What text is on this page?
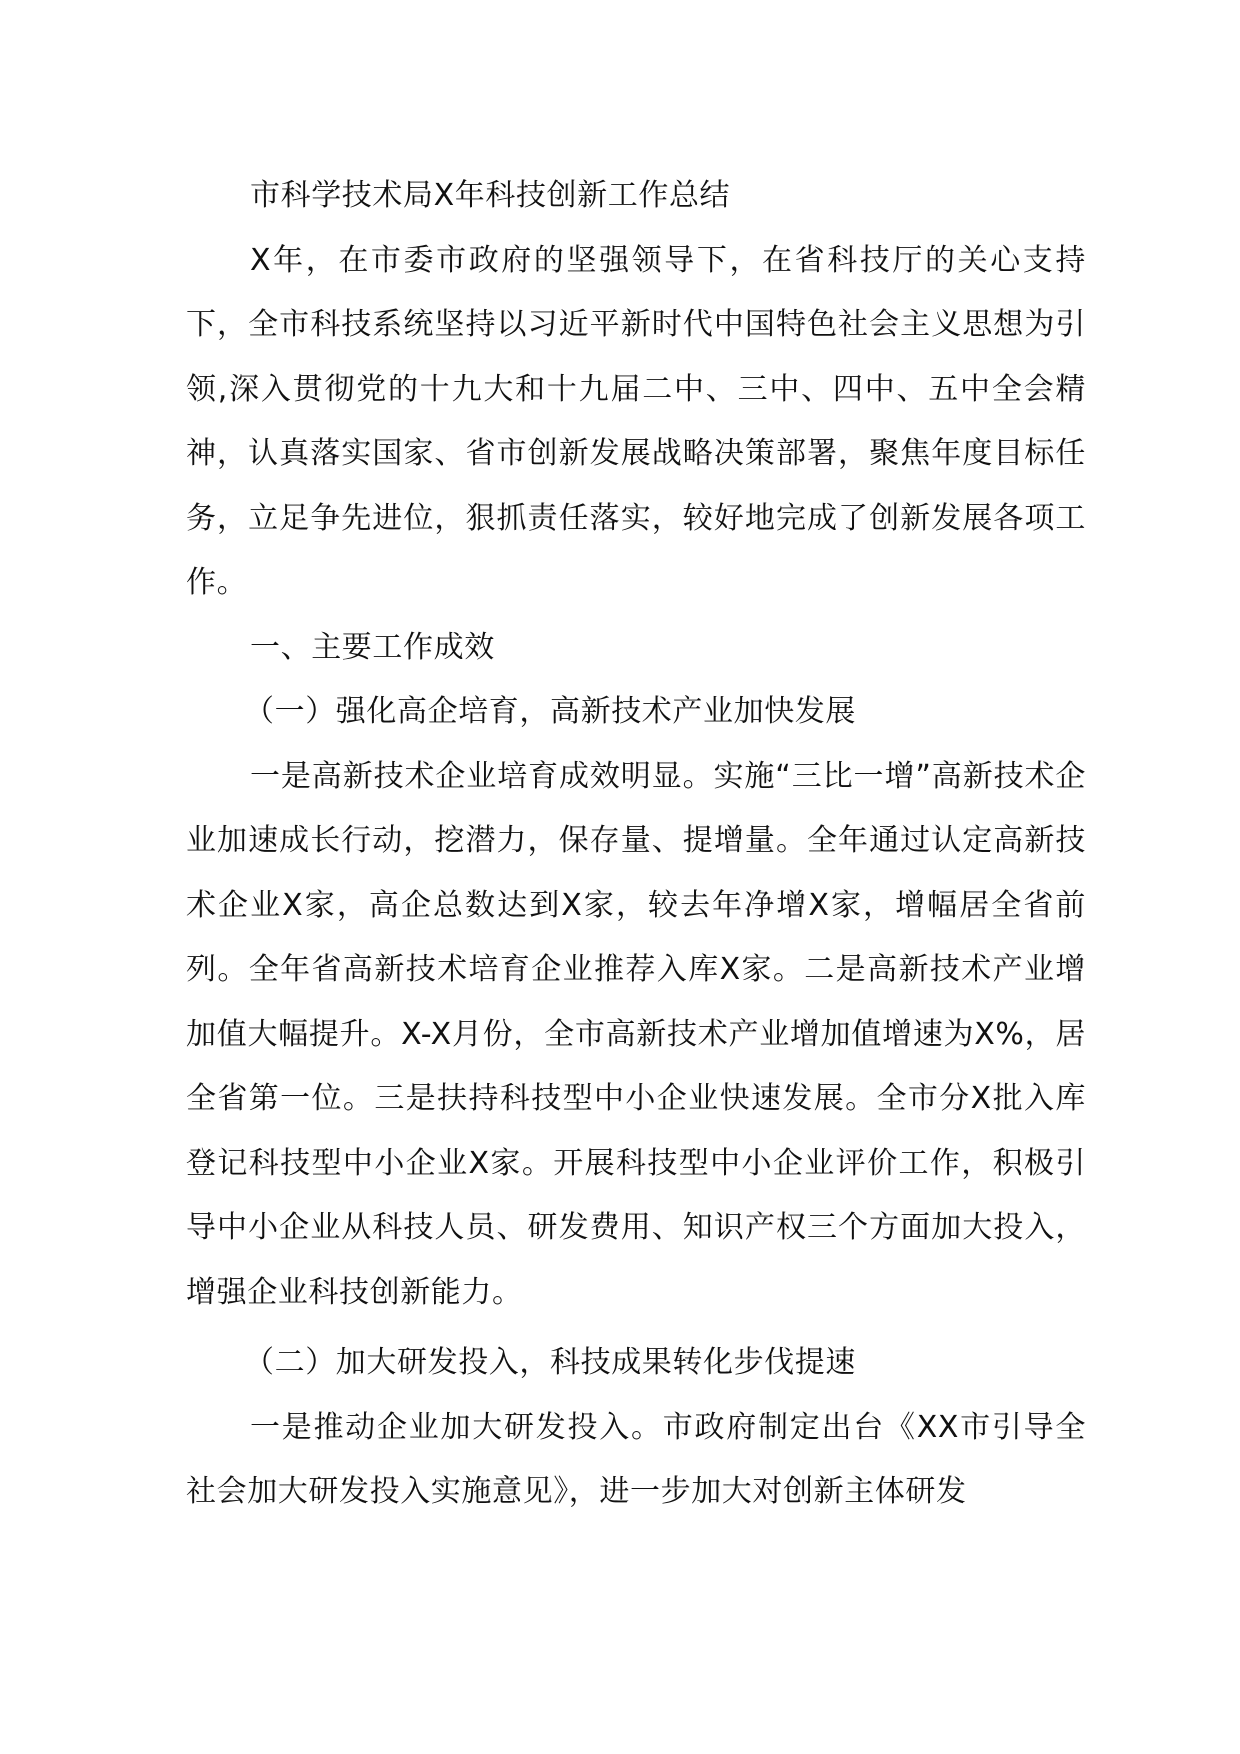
市科学技术局X年科技创新工作总结

X年，在市委市政府的坚强领导下，在省科技厅的关心支持下，全市科技系统坚持以习近平新时代中国特色社会主义思想为引领,深入贯彻党的十九大和十九届二中、三中、四中、五中全会精神，认真落实国家、省市创新发展战略决策部署，聚焦年度目标任务，立足争先进位，狠抓责任落实，较好地完成了创新发展各项工作。

一、主要工作成效

（一）强化高企培育，高新技术产业加快发展

一是高新技术企业培育成效明显。实施“三比一增”高新技术企业加速成长行动，挖潜力，保存量、提增量。全年通过认定高新技术企业X家，高企总数达到X家，较去年净增X家，增幅居全省前列。全年省高新技术培育企业推荐入库X家。二是高新技术产业增加值大幅提升。X-X月份，全市高新技术产业增加值增速为X%，居全省第一位。三是扶持科技型中小企业快速发展。全市分X批入库登记科技型中小企业X家。开展科技型中小企业评价工作，积极引导中小企业从科技人员、研发费用、知识产权三个方面加大投入，增强企业科技创新能力。

（二）加大研发投入，科技成果转化步伐提速

一是推动企业加大研发投入。市政府制定出台《XX市引导全社会加大研发投入实施意见》，进一步加大对创新主体研发
